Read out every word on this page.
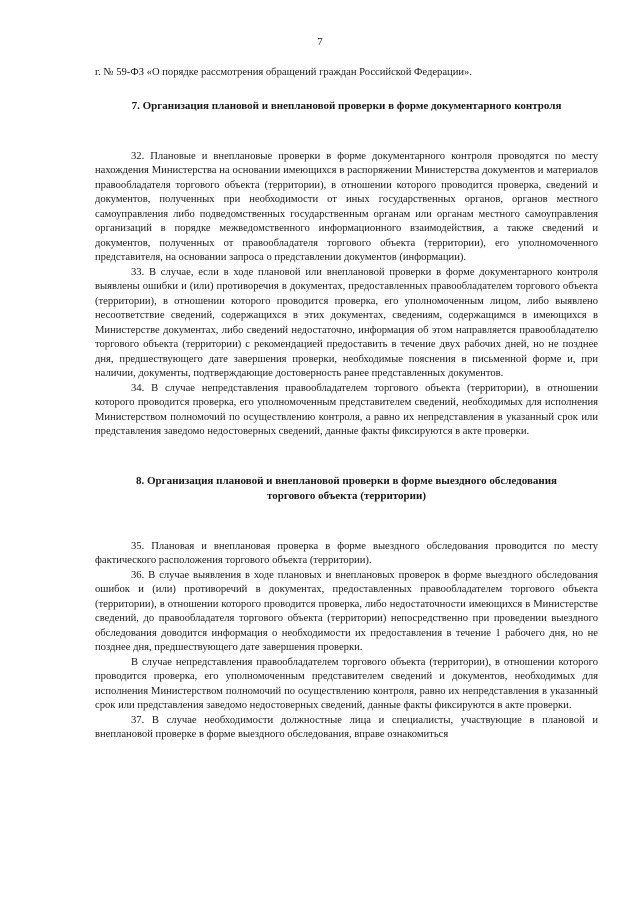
7

г. № 59-ФЗ «О порядке рассмотрения обращений граждан Российской Федерации».

7. Организация плановой и внеплановой проверки в форме документарного контроля

32. Плановые и внеплановые проверки в форме документарного контроля проводятся по месту нахождения Министерства на основании имеющихся в распоряжении Министерства документов и материалов правообладателя торгового объекта (территории), в отношении которого проводится проверка, сведений и документов, полученных при необходимости от иных государственных органов, органов местного самоуправления либо подведомственных государственным органам или органам местного самоуправления организаций в порядке межведомственного информационного взаимодействия, а также сведений и документов, полученных от правообладателя торгового объекта (территории), его уполномоченного представителя, на основании запроса о представлении документов (информации).

33. В случае, если в ходе плановой или внеплановой проверки в форме документарного контроля выявлены ошибки и (или) противоречия в документах, предоставленных правообладателем торгового объекта (территории), в отношении которого проводится проверка, его уполномоченным лицом, либо выявлено несоответствие сведений, содержащихся в этих документах, сведениям, содержащимся в имеющихся в Министерстве документах, либо сведений недостаточно, информация об этом направляется правообладателю торгового объекта (территории) с рекомендацией предоставить в течение двух рабочих дней, но не позднее дня, предшествующего дате завершения проверки, необходимые пояснения в письменной форме и, при наличии, документы, подтверждающие достоверность ранее представленных документов.

34. В случае непредставления правообладателем торгового объекта (территории), в отношении которого проводится проверка, его уполномоченным представителем сведений, необходимых для исполнения Министерством полномочий по осуществлению контроля, а равно их непредставления в указанный срок или представления заведомо недостоверных сведений, данные факты фиксируются в акте проверки.

8. Организация плановой и внеплановой проверки в форме выездного обследования торгового объекта (территории)

35. Плановая и внеплановая проверка в форме выездного обследования проводится по месту фактического расположения торгового объекта (территории).

36. В случае выявления в ходе плановых и внеплановых проверок в форме выездного обследования ошибок и (или) противоречий в документах, предоставленных правообладателем торгового объекта (территории), в отношении которого проводится проверка, либо недостаточности имеющихся в Министерстве сведений, до правообладателя торгового объекта (территории) непосредственно при проведении выездного обследования доводится информация о необходимости их предоставления в течение 1 рабочего дня, но не позднее дня, предшествующего дате завершения проверки.

В случае непредставления правообладателем торгового объекта (территории), в отношении которого проводится проверка, его уполномоченным представителем сведений и документов, необходимых для исполнения Министерством полномочий по осуществлению контроля, равно их непредставления в указанный срок или представления заведомо недостоверных сведений, данные факты фиксируются в акте проверки.

37. В случае необходимости должностные лица и специалисты, участвующие в плановой и внеплановой проверке в форме выездного обследования, вправе ознакомиться
